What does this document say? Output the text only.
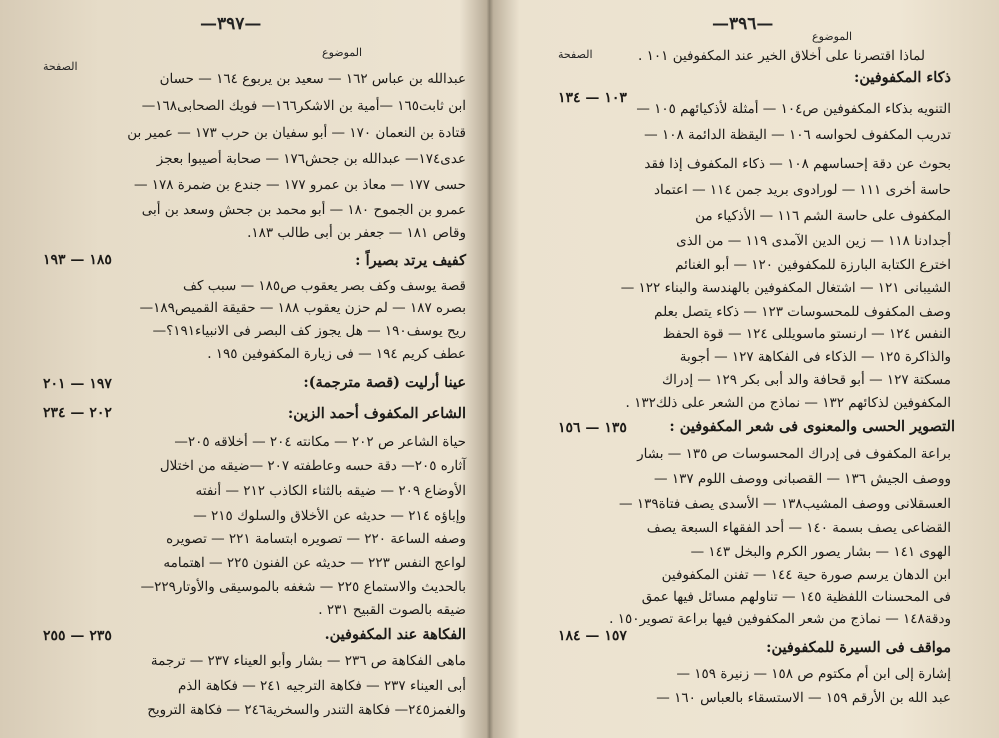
—٣٩٧—
الموضوع
الصفحة
عبدالله بن عباس ١٦٢ — سعيد بن يربوع ١٦٤ — حسان
ابن ثابت١٦٥ —أمية بن الاشكر١٦٦— فويك الصحابى١٦٨—
قتادة بن النعمان ١٧٠ — أبو سفيان بن حرب ١٧٣ — عمير بن
عدى١٧٤— عبدالله بن جحش١٧٦ — صحابة أصيبوا بعجز
حسى ١٧٧ — معاذ بن عمرو ١٧٧ — جندع بن ضمرة ١٧٨ —
عمرو بن الجموح ١٨٠ — أبو محمد بن جحش وسعد بن أبى
وقاص ١٨١ — جعفر بن أبى طالب ١٨٣.
كفيف يرتد بصيراً :
١٨٥ — ١٩٣
قصة يوسف وكف بصر يعقوب ص١٨٥ — سبب كف
بصره ١٨٧ — لم حزن يعقوب ١٨٨ — حقيقة القميص١٨٩—
ريح يوسف١٩٠ — هل يجوز كف البصر فى الانبياء١٩١؟—
عطف كريم ١٩٤ — فى زيارة المكفوفين ١٩٥ .
عينا أرليت (قصة مترجمة):
١٩٧ — ٢٠١
الشاعر المكفوف أحمد الزين:
٢٠٢ — ٢٣٤
حياة الشاعر ص ٢٠٢ — مكانته ٢٠٤ — أخلاقه ٢٠٥—
آثاره ٢٠٥— دقة حسه وعاطفته ٢٠٧ —ضيقه من اختلال
الأوضاع ٢٠٩ — ضيقه بالثناء الكاذب ٢١٢ — أنفته
وإباؤه ٢١٤ — حديثه عن الأخلاق والسلوك ٢١٥ —
وصفه الساعة ٢٢٠ — تصويره ابتسامة ٢٢١ — تصويره
لواعج النفس ٢٢٣ — حديثه عن الفنون ٢٢٥ — اهتمامه
بالحديث والاستماع ٢٢٥ — شغفه بالموسيقى والأوتار٢٢٩—
ضيقه بالصوت القبيح ٢٣١ .
الفكاهة عند المكفوفين.
٢٣٥ — ٢٥٥
ماهى الفكاهة ص ٢٣٦ — بشار وأبو العيناء ٢٣٧ — ترجمة
أبى العيناء ٢٣٧ — فكاهة الترجيه ٢٤١ — فكاهة الذم
والغمز٢٤٥— فكاهة التندر والسخرية٢٤٦ — فكاهة الترويح
—٣٩٦—
الموضوع
الصفحة	لماذا اقتصرنا على أخلاق الخير عند المكفوفين ١٠١ .
ذكاء المكفوفين:
١٠٣ — ١٣٤
التنويه بذكاء المكفوفين ص١٠٤ — أمثلة لأذكيائهم ١٠٥ —
تدريب المكفوف لحواسه ١٠٦ — اليقظة الدائمة ١٠٨ —
بحوث عن دقة إحساسهم ١٠٨ — ذكاء المكفوف إذا فقد
حاسة أخرى ١١١ — لورادوى بريد جمن ١١٤ — اعتماد
المكفوف على حاسة الشم ١١٦ — الأذكياء من
أجدادنا ١١٨ — زين الدين الآمدى ١١٩ — من الذى
اخترع الكتابة البارزة للمكفوفين ١٢٠ — أبو الغنائم
الشيبانى ١٢١ — اشتغال المكفوفين بالهندسة والبناء ١٢٢ —
وصف المكفوف للمحسوسات ١٢٣ — ذكاء يتصل بعلم
النفس ١٢٤ — ارنستو ماسويللى ١٢٤ — قوة الحفظ
والذاكرة ١٢٥ — الذكاء فى الفكاهة ١٢٧ — أجوبة
مسكتة ١٢٧ — أبو قحافة والد أبى بكر ١٢٩ — إدراك
المكفوفين لذكائهم ١٣٢ — نماذج من الشعر على ذلك١٣٢ .
التصوير الحسى والمعنوى فى شعر المكفوفين :
١٣٥ — ١٥٦
براعة المكفوف فى إدراك المحسوسات ص ١٣٥ — بشار
ووصف الجيش ١٣٦ — القصبانى ووصف اللوم ١٣٧ —
العسقلانى ووصف المشيب١٣٨ — الأسدى يصف فتاة١٣٩ —
القضاعى يصف بسمة ١٤٠ — أحد الفقهاء السبعة يصف
الهوى ١٤١ — بشار يصور الكرم والبخل ١٤٣ —
ابن الدهان يرسم صورة حية ١٤٤ — تفنن المكفوفين
فى المحسنات اللفظية ١٤٥ — تناولهم مسائل فيها عمق
ودقة١٤٨ — نماذج من شعر المكفوفين فيها براعة تصوير١٥٠ .
مواقف فى السيرة للمكفوفين:
١٥٧ — ١٨٤
إشارة إلى ابن أم مكتوم ص ١٥٨ — زنيرة ١٥٩ —
عبد الله بن الأرقم ١٥٩ — الاستسقاء بالعباس ١٦٠ —
